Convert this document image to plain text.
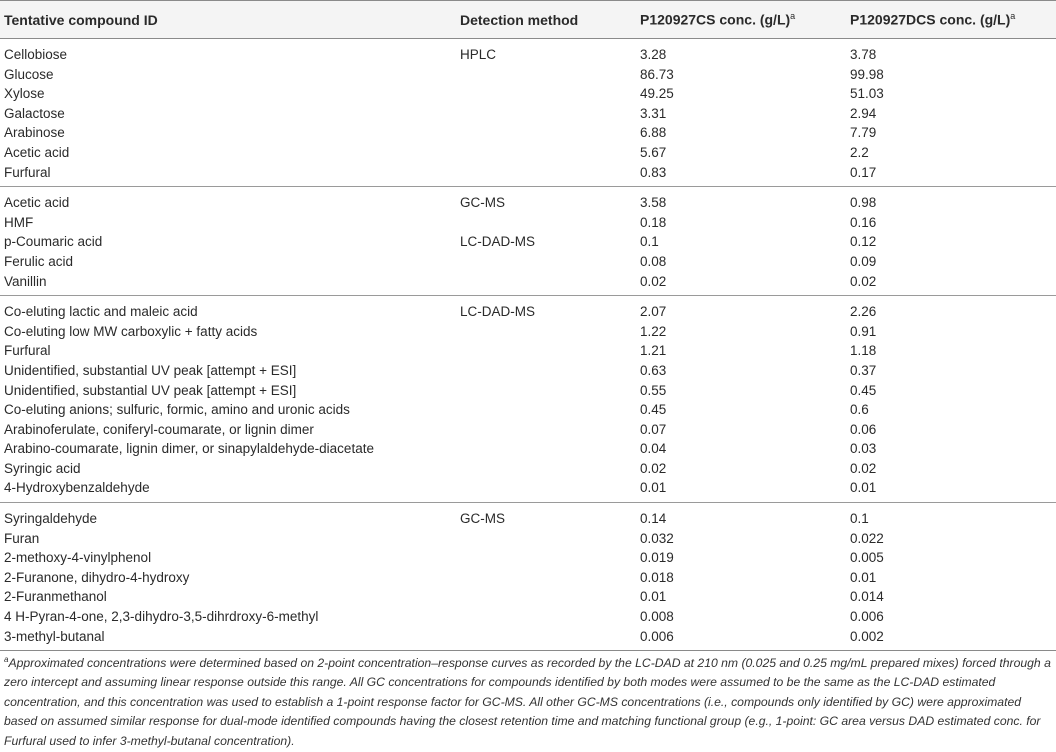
Tentative compound ID	Detection method	P120927CS conc. $(g/L)^a$	P120927DCS conc. $(g/L)^a$
Cellobiose	HPLC	3.28	3.78
Glucose		86.73	99.98
Xylose		49.25	51.03
Galactose		3.31	2.94
Arabinose		6.88	7.79
Acetic acid		5.67	2.2
Furfural		0.83	0.17
Acetic acid	GC-MS	3.58	0.98
HMF		0.18	0.16
p-Coumaric acid	LC-DAD-MS	0.1	0.12
Ferulic acid		0.08	0.09
Vanillin		0.02	0.02
Co-eluting lactic and maleic acid	LC-DAD-MS	2.07	2.26
Co-eluting low MW carboxylic + fatty acids		1.22	0.91
Furfural		1.21	1.18
Unidentified, substantial UV peak [attempt + ESI]		0.63	0.37
Unidentified, substantial UV peak [attempt + ESI]		0.55	0.45
Co-eluting anions; sulfuric, formic, amino and uronic acids		0.45	0.6
Arabinoferulate, coniferyl-coumarate, or lignin dimer		0.07	0.06
Arabino-coumarate, lignin dimer, or sinapylaldehyde-diacetate		0.04	0.03
Syringic acid		0.02	0.02
4-Hydroxybenzaldehyde		0.01	0.01
Syringaldehyde	GC-MS	0.14	0.1
Furan		0.032	0.022
2-methoxy-4-vinylphenol		0.019	0.005
2-Furanone, dihydro-4-hydroxy		0.018	0.01
2-Furanmethanol		0.01	0.014
4 H-Pyran-4-one, 2,3-dihydro-3,5-dihrdroxy-6-methyl		0.008	0.006
3-methyl-butanal		0.006	0.002
$^a$Approximated concentrations were determined based on 2-point concentration–response curves as recorded by the LC-DAD at 210 nm (0.025 and 0.25 mg/mL prepared mixes) forced through a zero intercept and assuming linear response outside this range. All GC concentrations for compounds identified by both modes were assumed to be the same as the LC-DAD estimated concentration, and this concentration was used to establish a 1-point response factor for GC-MS. All other GC-MS concentrations (i.e., compounds only identified by GC) were approximated based on assumed similar response for dual-mode identified compounds having the closest retention time and matching functional group (e.g., 1-point: GC area versus DAD estimated conc. for Furfural used to infer 3-methyl-butanal concentration).
